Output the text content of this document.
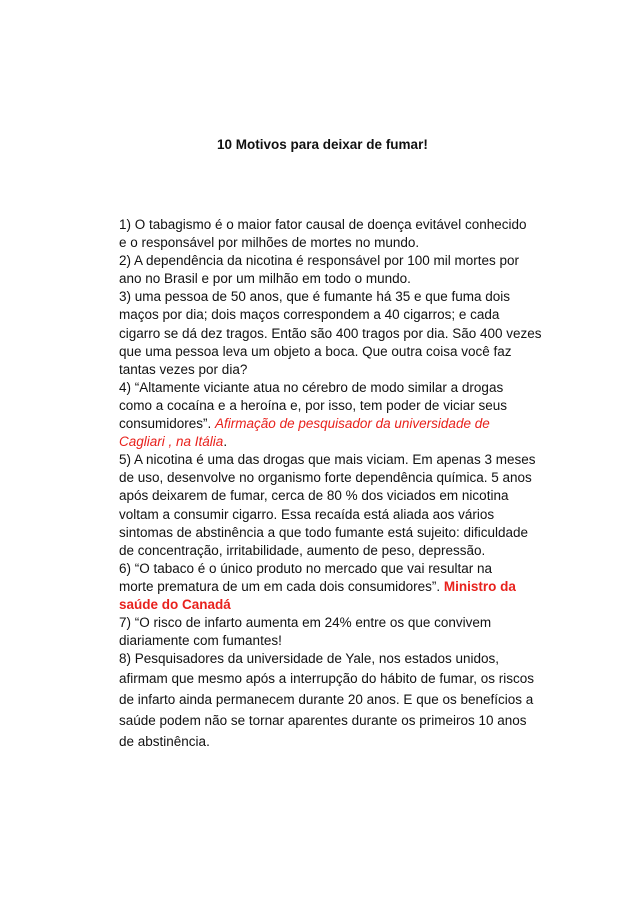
10 Motivos para deixar de fumar!
1) O tabagismo é o maior fator causal de doença evitável conhecido
e o responsável por milhões de mortes no mundo.
2) A dependência da nicotina é responsável por 100 mil mortes por
ano no Brasil e por um milhão em todo o mundo.
3) uma pessoa de 50 anos, que é fumante há 35 e que fuma dois
maços por dia; dois maços correspondem a 40 cigarros; e cada
cigarro se dá dez tragos. Então são 400 tragos por dia. São 400 vezes
que uma pessoa leva um objeto a boca. Que outra coisa você faz
tantas vezes por dia?
4) “Altamente viciante atua no cérebro de modo similar a drogas
como a cocaína e a heroína e, por isso, tem poder de viciar seus
consumidores”. Afirmação de pesquisador da universidade de
Cagliari , na Itália.
5) A nicotina é uma das drogas que mais viciam. Em apenas 3 meses
de uso, desenvolve no organismo forte dependência química. 5 anos
após deixarem de fumar, cerca de 80 % dos viciados em nicotina
voltam a consumir cigarro. Essa recaída está aliada aos vários
sintomas de abstinência a que todo fumante está sujeito: dificuldade
de concentração, irritabilidade, aumento de peso, depressão.
6) “O tabaco é o único produto no mercado que vai resultar na
morte prematura de um em cada dois consumidores”. Ministro da
saúde do Canadá
7) “O risco de infarto aumenta em 24% entre os que convivem
diariamente com fumantes!
8) Pesquisadores da universidade de Yale, nos estados unidos,
afirmam que mesmo após a interrupção do hábito de fumar, os riscos
de infarto ainda permanecem durante 20 anos. E que os benefícios a
saúde podem não se tornar aparentes durante os primeiros 10 anos
de abstinência.
